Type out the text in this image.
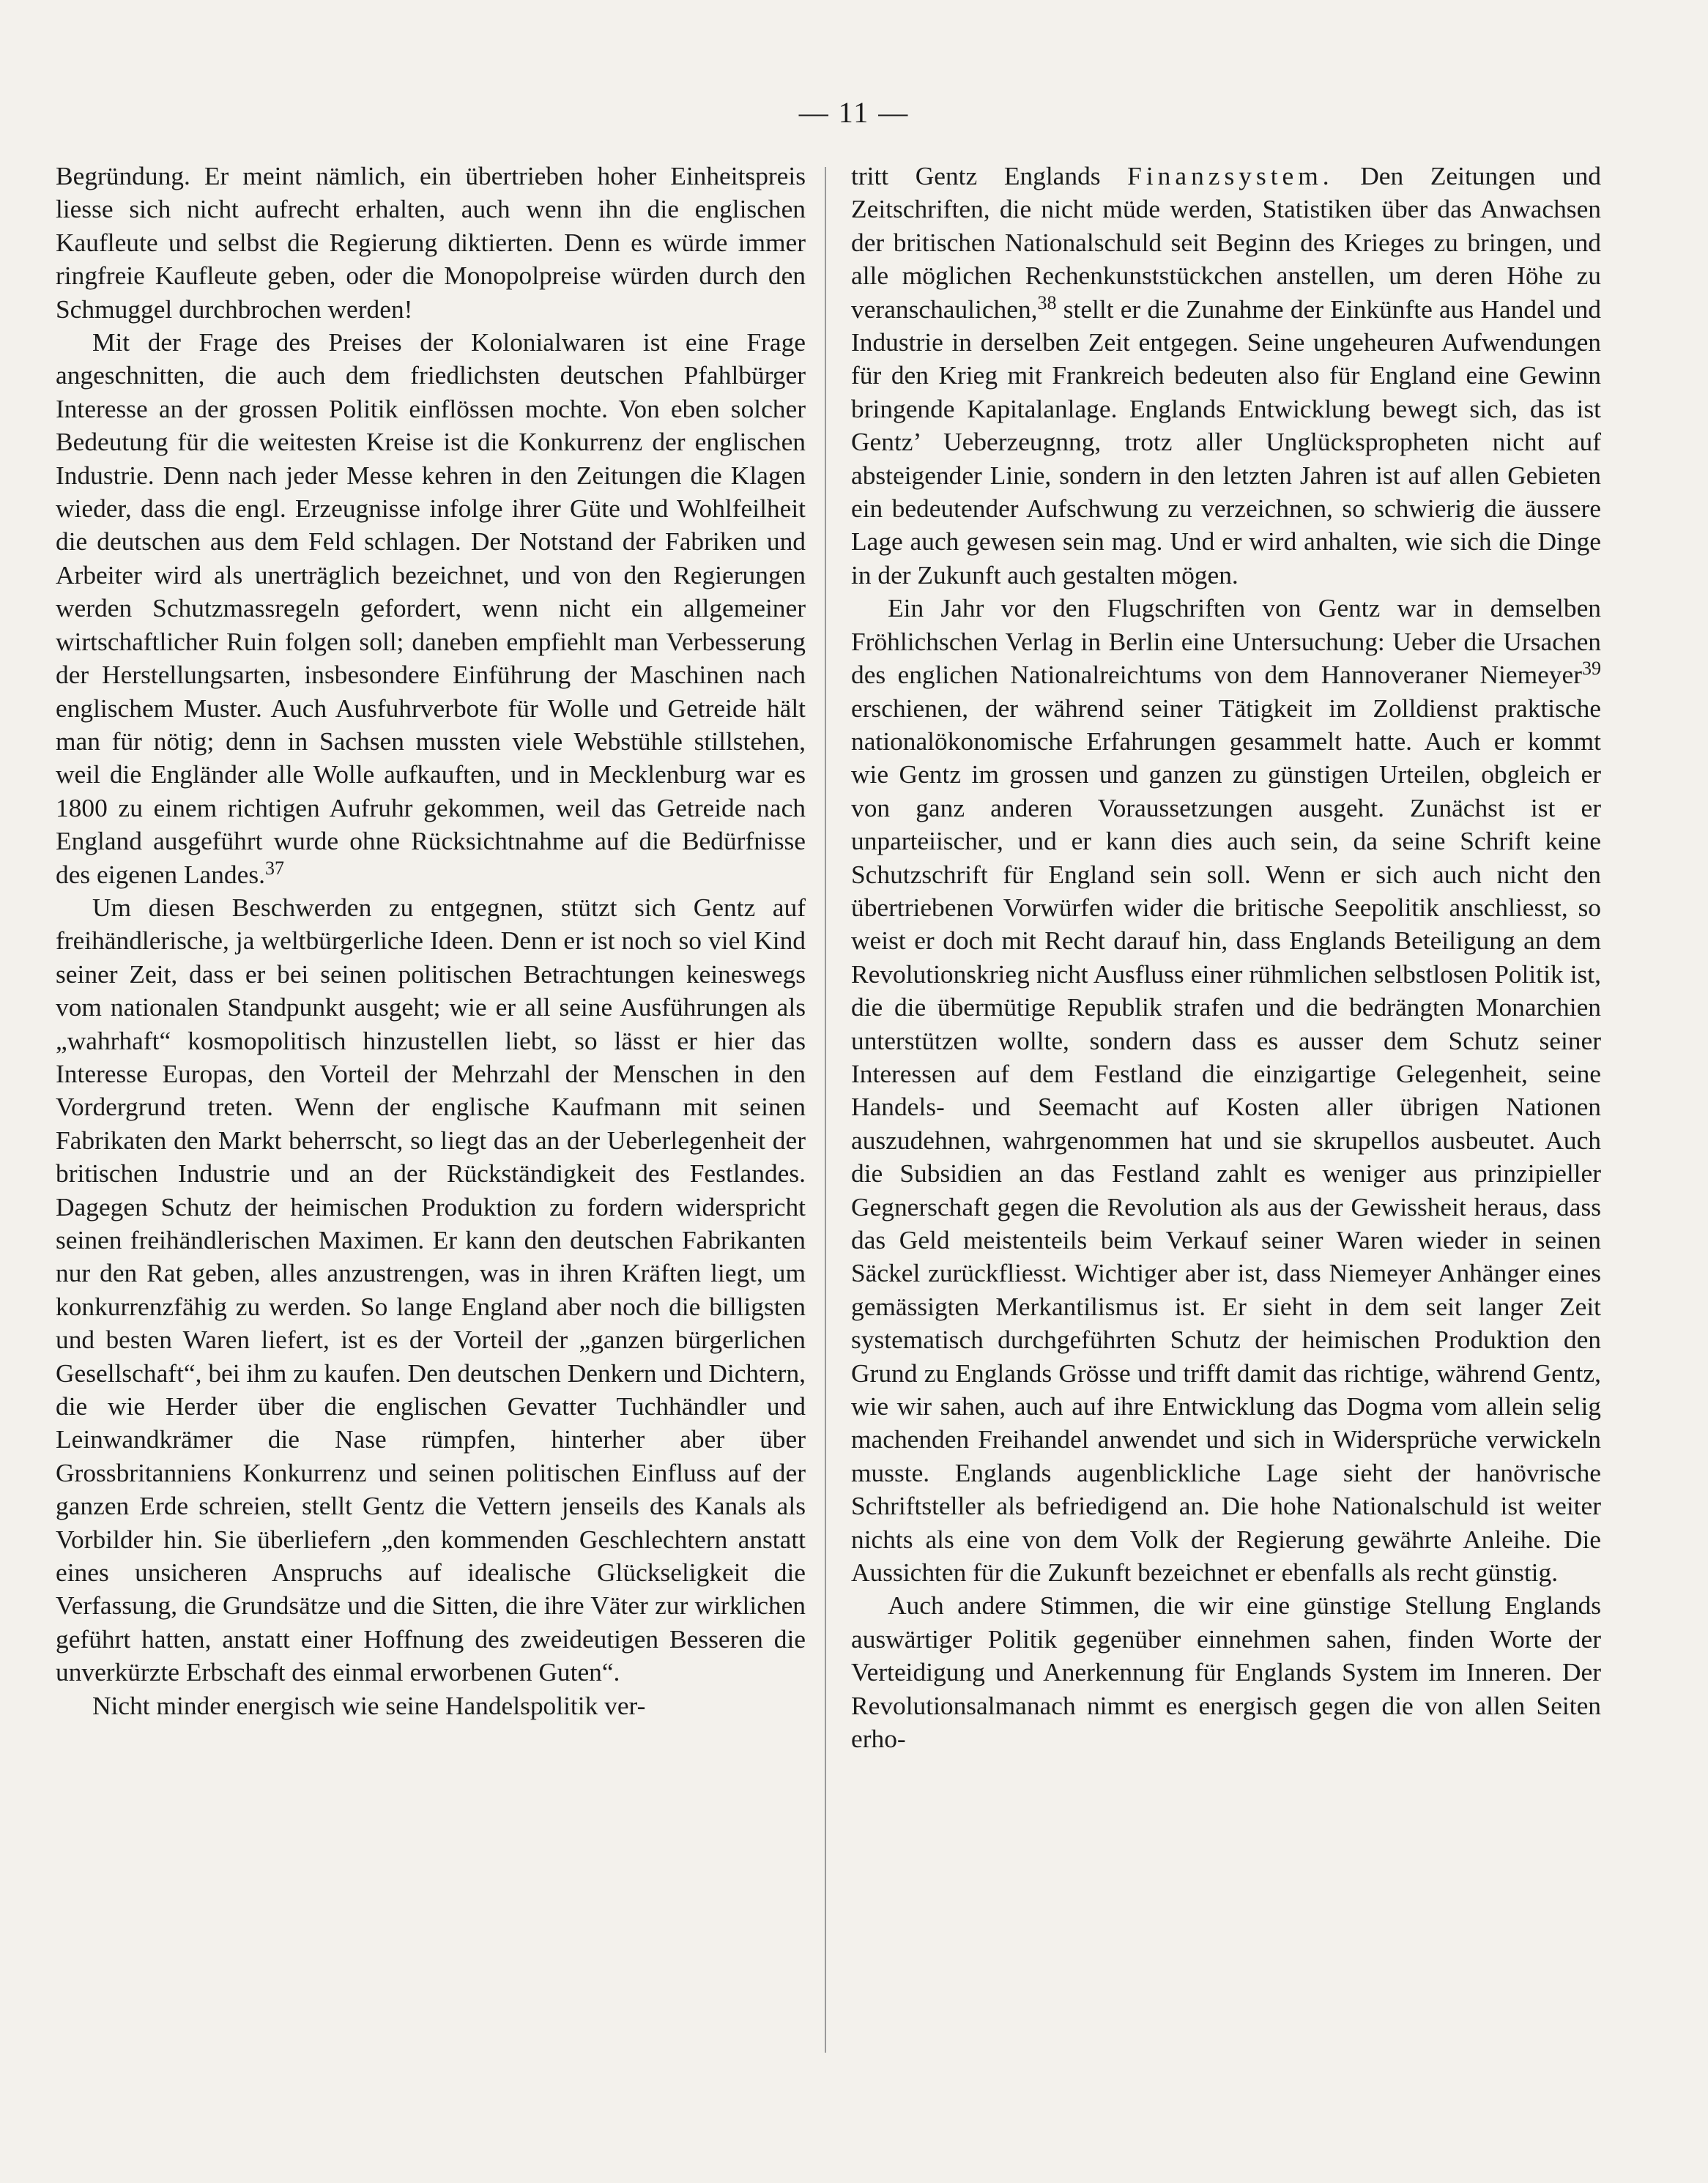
— 11 —

Begründung. Er meint nämlich, ein übertrieben hoher Einheitspreis liesse sich nicht aufrecht erhalten, auch wenn ihn die englischen Kaufleute und selbst die Regierung diktierten. Denn es würde immer ringfreie Kaufleute geben, oder die Monopolpreise würden durch den Schmuggel durchbrochen werden!

Mit der Frage des Preises der Kolonialwaren ist eine Frage angeschnitten, die auch dem friedlichsten deutschen Pfahlbürger Interesse an der grossen Politik einflössen mochte. Von eben solcher Bedeutung für die weitesten Kreise ist die Konkurrenz der englischen Industrie. Denn nach jeder Messe kehren in den Zeitungen die Klagen wieder, dass die engl. Erzeugnisse infolge ihrer Güte und Wohlfeilheit die deutschen aus dem Feld schlagen. Der Notstand der Fabriken und Arbeiter wird als unerträglich bezeichnet, und von den Regierungen werden Schutzmassregeln gefordert, wenn nicht ein allgemeiner wirtschaftlicher Ruin folgen soll; daneben empfiehlt man Verbesserung der Herstellungsarten, insbesondere Einführung der Maschinen nach englischem Muster. Auch Ausfuhrverbote für Wolle und Getreide hält man für nötig; denn in Sachsen mussten viele Webstühle stillstehen, weil die Engländer alle Wolle aufkauften, und in Mecklenburg war es 1800 zu einem richtigen Aufruhr gekommen, weil das Getreide nach England ausgeführt wurde ohne Rücksichtnahme auf die Bedürfnisse des eigenen Landes.$^{37}$

Um diesen Beschwerden zu entgegnen, stützt sich Gentz auf freihändlerische, ja weltbürgerliche Ideen. Denn er ist noch so viel Kind seiner Zeit, dass er bei seinen politischen Betrachtungen keineswegs vom nationalen Standpunkt ausgeht; wie er all seine Ausführungen als „wahrhaft“ kosmopolitisch hinzustellen liebt, so lässt er hier das Interesse Europas, den Vorteil der Mehrzahl der Menschen in den Vordergrund treten. Wenn der englische Kaufmann mit seinen Fabrikaten den Markt beherrscht, so liegt das an der Ueberlegenheit der britischen Industrie und an der Rückständigkeit des Festlandes. Dagegen Schutz der heimischen Produktion zu fordern widerspricht seinen freihändlerischen Maximen. Er kann den deutschen Fabrikanten nur den Rat geben, alles anzustrengen, was in ihren Kräften liegt, um konkurrenzfähig zu werden. So lange England aber noch die billigsten und besten Waren liefert, ist es der Vorteil der „ganzen bürgerlichen Gesellschaft“, bei ihm zu kaufen. Den deutschen Denkern und Dichtern, die wie Herder über die englischen Gevatter Tuchhändler und Leinwandkrämer die Nase rümpfen, hinterher aber über Grossbritanniens Konkurrenz und seinen politischen Einfluss auf der ganzen Erde schreien, stellt Gentz die Vettern jenseils des Kanals als Vorbilder hin. Sie überliefern „den kommenden Geschlechtern anstatt eines unsicheren Anspruchs auf idealische Glückseligkeit die Verfassung, die Grundsätze und die Sitten, die ihre Väter zur wirklichen geführt hatten, anstatt einer Hoffnung des zweideutigen Besseren die unverkürzte Erbschaft des einmal erworbenen Guten“.

Nicht minder energisch wie seine Handelspolitik ver-

tritt Gentz Englands Finanzsystem. Den Zeitungen und Zeitschriften, die nicht müde werden, Statistiken über das Anwachsen der britischen Nationalschuld seit Beginn des Krieges zu bringen, und alle möglichen Rechenkunststückchen anstellen, um deren Höhe zu veranschaulichen,$^{38}$ stellt er die Zunahme der Einkünfte aus Handel und Industrie in derselben Zeit entgegen. Seine ungeheuren Aufwendungen für den Krieg mit Frankreich bedeuten also für England eine Gewinn bringende Kapitalanlage. Englands Entwicklung bewegt sich, das ist Gentz’ Ueberzeugnng, trotz aller Unglückspropheten nicht auf absteigender Linie, sondern in den letzten Jahren ist auf allen Gebieten ein bedeutender Aufschwung zu verzeichnen, so schwierig die äussere Lage auch gewesen sein mag. Und er wird anhalten, wie sich die Dinge in der Zukunft auch gestalten mögen.

Ein Jahr vor den Flugschriften von Gentz war in demselben Fröhlichschen Verlag in Berlin eine Untersuchung: Ueber die Ursachen des englichen Nationalreichtums von dem Hannoveraner Niemeyer$^{39}$ erschienen, der während seiner Tätigkeit im Zolldienst praktische nationalökonomische Erfahrungen gesammelt hatte. Auch er kommt wie Gentz im grossen und ganzen zu günstigen Urteilen, obgleich er von ganz anderen Voraussetzungen ausgeht. Zunächst ist er unparteiischer, und er kann dies auch sein, da seine Schrift keine Schutzschrift für England sein soll. Wenn er sich auch nicht den übertriebenen Vorwürfen wider die britische Seepolitik anschliesst, so weist er doch mit Recht darauf hin, dass Englands Beteiligung an dem Revolutionskrieg nicht Ausfluss einer rühmlichen selbstlosen Politik ist, die die übermütige Republik strafen und die bedrängten Monarchien unterstützen wollte, sondern dass es ausser dem Schutz seiner Interessen auf dem Festland die einzigartige Gelegenheit, seine Handels- und Seemacht auf Kosten aller übrigen Nationen auszudehnen, wahrgenommen hat und sie skrupellos ausbeutet. Auch die Subsidien an das Festland zahlt es weniger aus prinzipieller Gegnerschaft gegen die Revolution als aus der Gewissheit heraus, dass das Geld meistenteils beim Verkauf seiner Waren wieder in seinen Säckel zurückfliesst. Wichtiger aber ist, dass Niemeyer Anhänger eines gemässigten Merkantilismus ist. Er sieht in dem seit langer Zeit systematisch durchgeführten Schutz der heimischen Produktion den Grund zu Englands Grösse und trifft damit das richtige, während Gentz, wie wir sahen, auch auf ihre Entwicklung das Dogma vom allein selig machenden Freihandel anwendet und sich in Widersprüche verwickeln musste. Englands augenblickliche Lage sieht der hanövrische Schriftsteller als befriedigend an. Die hohe Nationalschuld ist weiter nichts als eine von dem Volk der Regierung gewährte Anleihe. Die Aussichten für die Zukunft bezeichnet er ebenfalls als recht günstig.

Auch andere Stimmen, die wir eine günstige Stellung Englands auswärtiger Politik gegenüber einnehmen sahen, finden Worte der Verteidigung und Anerkennung für Englands System im Inneren. Der Revolutionsalmanach nimmt es energisch gegen die von allen Seiten erho-
